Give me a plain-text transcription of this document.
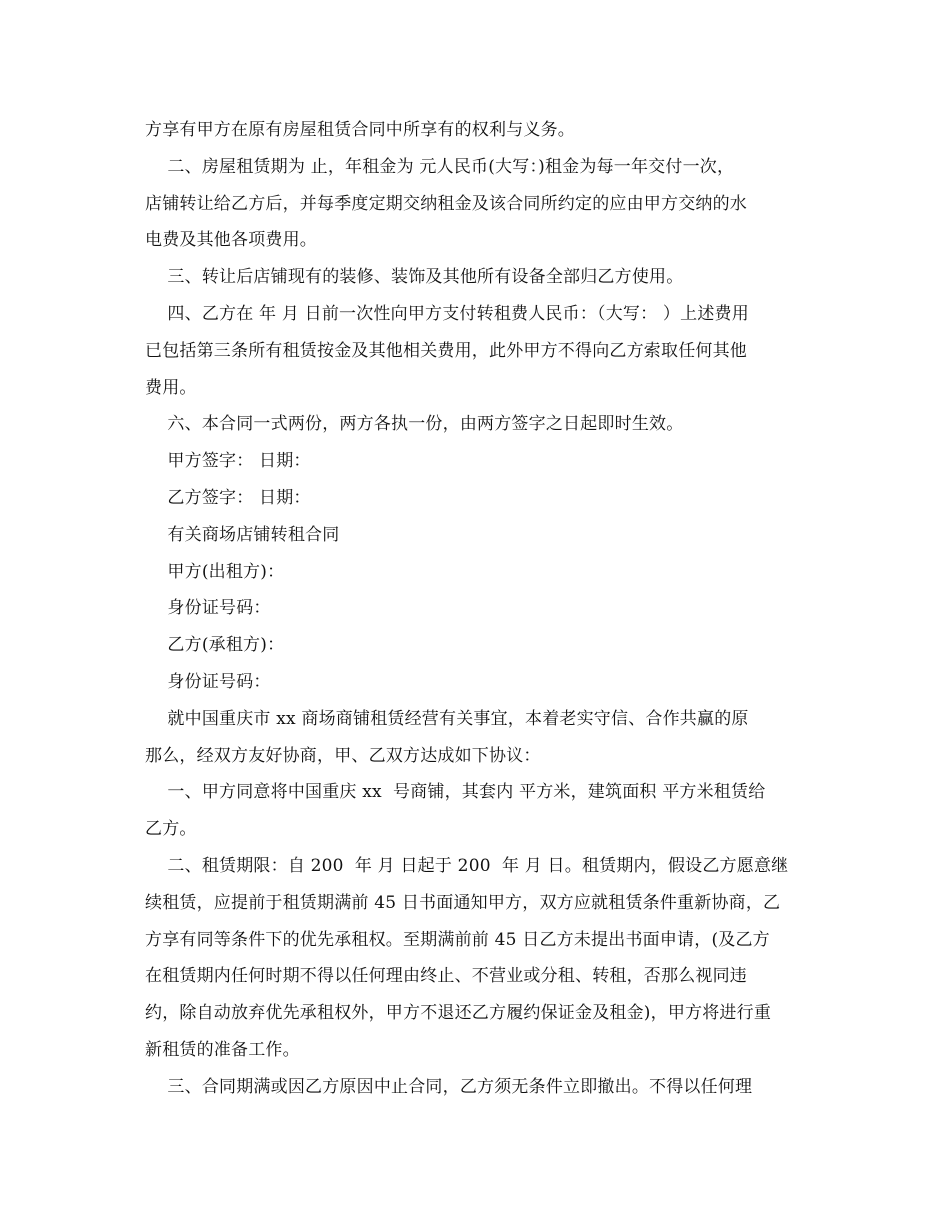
方享有甲方在原有房屋租赁合同中所享有的权利与义务。
二、房屋租赁期为 止，年租金为 元人民币(大写：)租金为每一年交付一次，
店铺转让给乙方后，并每季度定期交纳租金及该合同所约定的应由甲方交纳的水
电费及其他各项费用。
三、转让后店铺现有的装修、装饰及其他所有设备全部归乙方使用。
四、乙方在 年 月 日前一次性向甲方支付转租费人民币：（大写： ）上述费用
已包括第三条所有租赁按金及其他相关费用，此外甲方不得向乙方索取任何其他
费用。
六、本合同一式两份，两方各执一份，由两方签字之日起即时生效。
甲方签字： 日期：
乙方签字： 日期：
有关商场店铺转租合同
甲方(出租方)：
身份证号码：
乙方(承租方)：
身份证号码：
就中国重庆市 xx 商场商铺租赁经营有关事宜，本着老实守信、合作共赢的原
那么，经双方友好协商，甲、乙双方达成如下协议：
一、甲方同意将中国重庆 xx  号商铺，其套内 平方米，建筑面积 平方米租赁给
乙方。
二、租赁期限：自 200  年 月 日起于 200  年 月 日。租赁期内，假设乙方愿意继
续租赁，应提前于租赁期满前 45 日书面通知甲方，双方应就租赁条件重新协商，乙
方享有同等条件下的优先承租权。至期满前前 45 日乙方未提出书面申请，(及乙方
在租赁期内任何时期不得以任何理由终止、不营业或分租、转租，否那么视同违
约，除自动放弃优先承租权外，甲方不退还乙方履约保证金及租金)，甲方将进行重
新租赁的准备工作。
三、合同期满或因乙方原因中止合同，乙方须无条件立即撤出。不得以任何理
